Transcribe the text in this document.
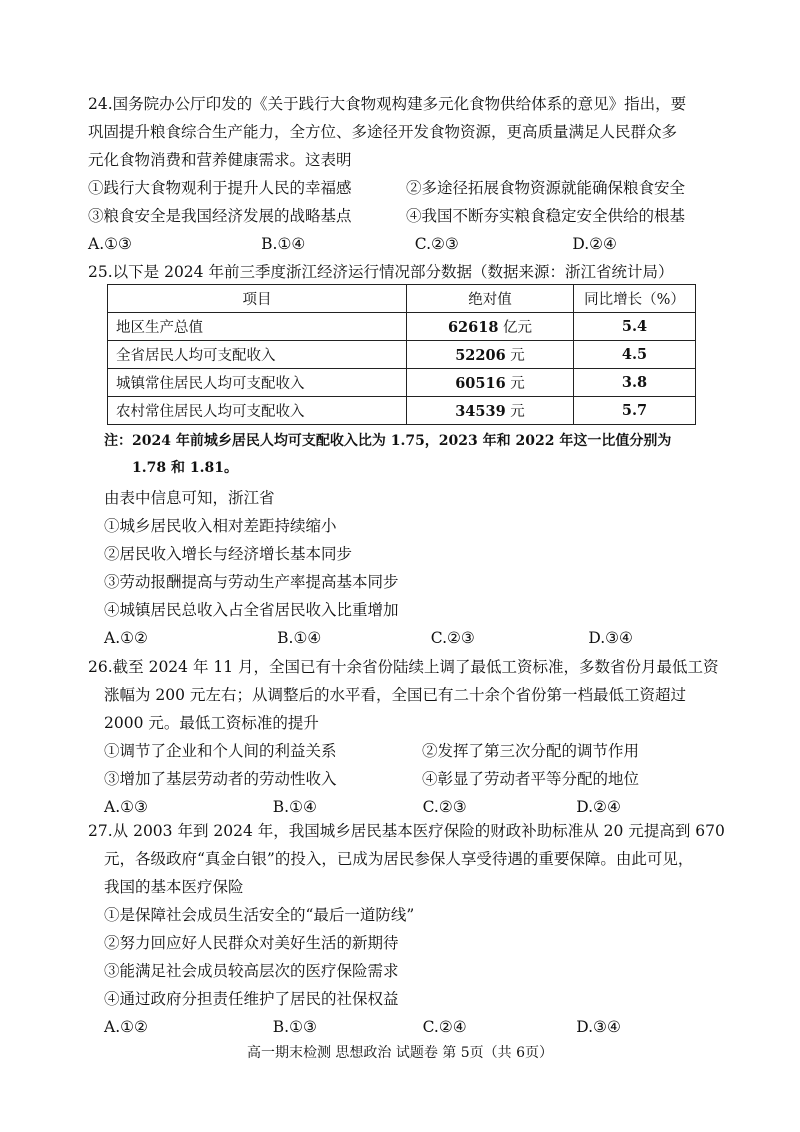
24.国务院办公厅印发的《关于践行大食物观构建多元化食物供给体系的意见》指出，要
巩固提升粮食综合生产能力，全方位、多途径开发食物资源，更高质量满足人民群众多
元化食物消费和营养健康需求。这表明
①践行大食物观利于提升人民的幸福感	②多途径拓展食物资源就能确保粮食安全
③粮食安全是我国经济发展的战略基点	④我国不断夯实粮食稳定安全供给的根基
A.①③	B.①④	C.②③	D.②④
25.以下是 2024 年前三季度浙江经济运行情况部分数据（数据来源：浙江省统计局）
项目	绝对值	同比增长（%）
地区生产总值	62618 亿元	5.4
全省居民人均可支配收入	52206 元	4.5
城镇常住居民人均可支配收入	60516 元	3.8
农村常住居民人均可支配收入	34539 元	5.7
注：2024 年前城乡居民人均可支配收入比为 1.75，2023 年和 2022 年这一比值分别为
1.78 和 1.81。
由表中信息可知，浙江省
①城乡居民收入相对差距持续缩小
②居民收入增长与经济增长基本同步
③劳动报酬提高与劳动生产率提高基本同步
④城镇居民总收入占全省居民收入比重增加
A.①②	B.①④	C.②③	D.③④
26.截至 2024 年 11 月，全国已有十余省份陆续上调了最低工资标准，多数省份月最低工资
涨幅为 200 元左右；从调整后的水平看，全国已有二十余个省份第一档最低工资超过
2000 元。最低工资标准的提升
①调节了企业和个人间的利益关系	②发挥了第三次分配的调节作用
③增加了基层劳动者的劳动性收入	④彰显了劳动者平等分配的地位
A.①③	B.①④	C.②③	D.②④
27.从 2003 年到 2024 年，我国城乡居民基本医疗保险的财政补助标准从 20 元提高到 670
元，各级政府“真金白银”的投入，已成为居民参保人享受待遇的重要保障。由此可见，
我国的基本医疗保险
①是保障社会成员生活安全的“最后一道防线”
②努力回应好人民群众对美好生活的新期待
③能满足社会成员较高层次的医疗保险需求
④通过政府分担责任维护了居民的社保权益
A.①②	B.①③	C.②④	D.③④
高一期末检测 思想政治 试题卷 第 5页（共 6页）
